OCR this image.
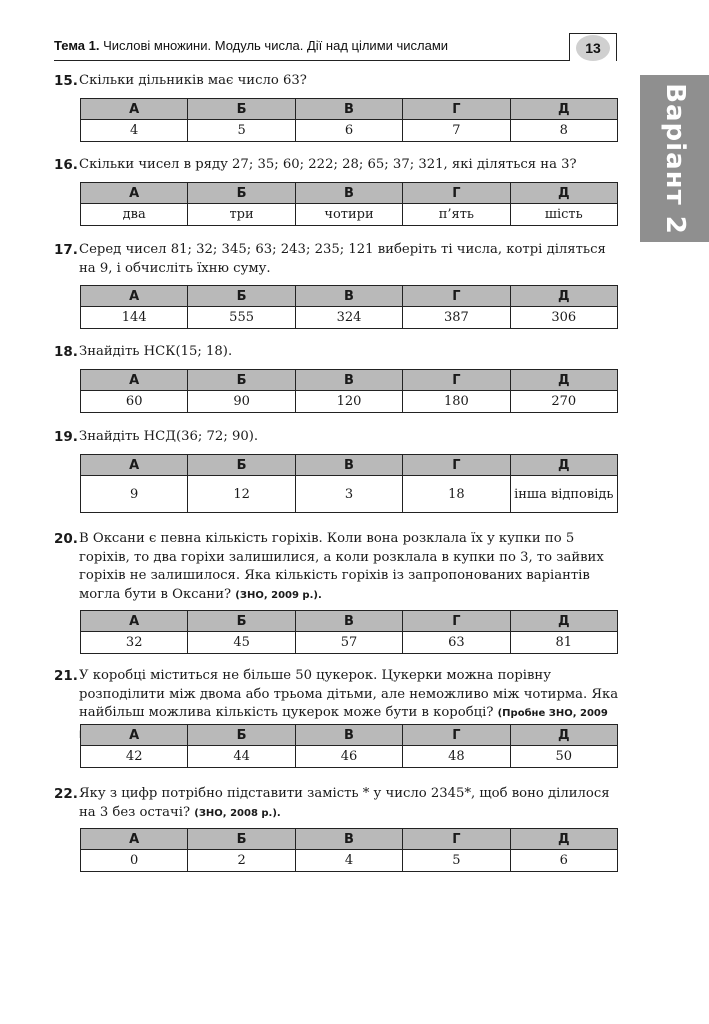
Тема 1. Числові множини. Модуль числа. Дії над цілими числами	13
Варіант 2

15. Скільки дільників має число 63?

А	Б	В	Г	Д
4	5	6	7	8

16. Скільки чисел в ряду 27; 35; 60; 222; 28; 65; 37; 321, які діляться на 3?

А	Б	В	Г	Д
два	три	чотири	п’ять	шість

17. Серед чисел 81; 32; 345; 63; 243; 235; 121 виберіть ті числа, котрі діляться на 9, і обчисліть їхню суму.

А	Б	В	Г	Д
144	555	324	387	306

18. Знайдіть НСК(15; 18).

А	Б	В	Г	Д
60	90	120	180	270

19. Знайдіть НСД(36; 72; 90).

А	Б	В	Г	Д
9	12	3	18	інша відповідь

20. В Оксани є певна кількість горіхів. Коли вона розклала їх у купки по 5 горіхів, то два горіхи залишилися, а коли розклала в купки по 3, то зайвих горіхів не залишилося. Яка кількість горіхів із запропонованих варіантів могла бути в Оксани? (ЗНО, 2009 р.).

А	Б	В	Г	Д
32	45	57	63	81

21. У коробці міститься не більше 50 цукерок. Цукерки можна порівну розподілити між двома або трьома дітьми, але неможливо між чотирма. Яка найбільш можлива кількість цукерок може бути в коробці? (Пробне ЗНО, 2009

А	Б	В	Г	Д
42	44	46	48	50

22. Яку з цифр потрібно підставити замість * у число 2345*, щоб воно ділилося на 3 без остачі? (ЗНО, 2008 р.).

А	Б	В	Г	Д
0	2	4	5	6
